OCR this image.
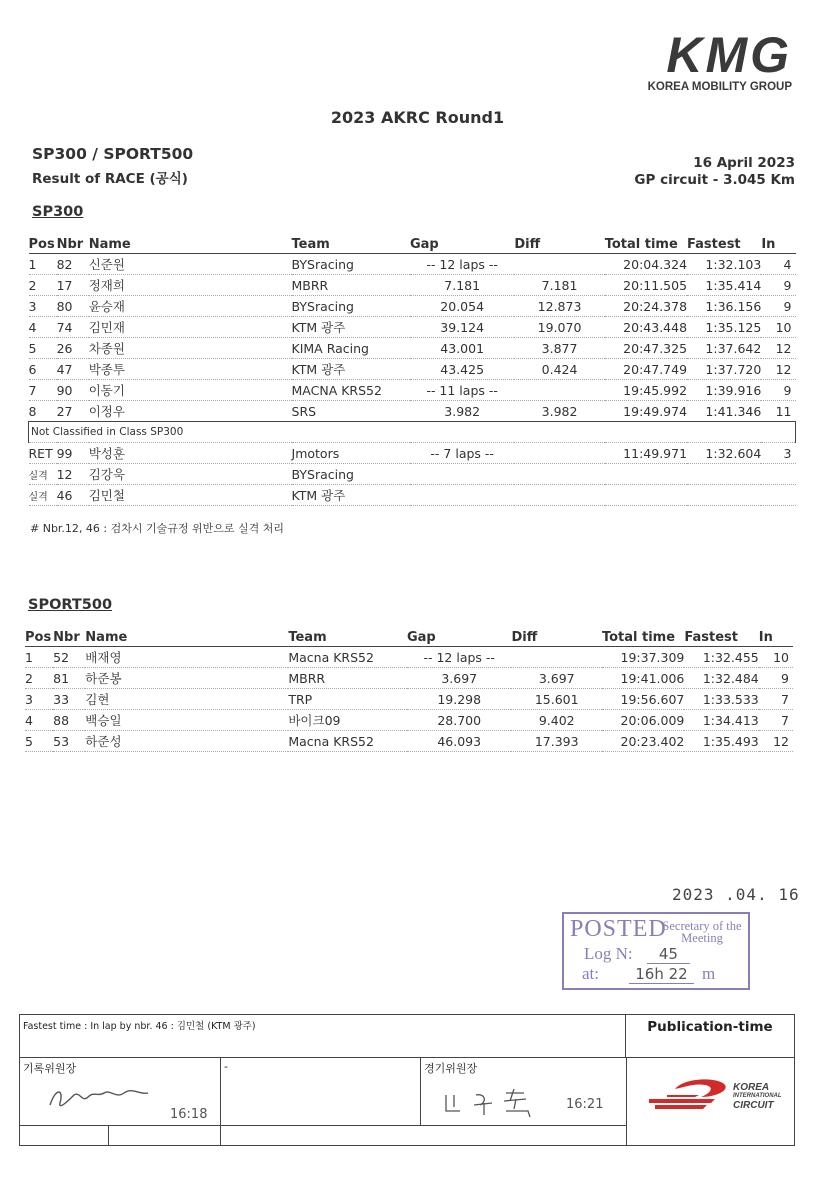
KMG
KOREA MOBILITY GROUP
2023 AKRC Round1
SP300 / SPORT500
Result of RACE (공식)
16 April 2023
GP circuit - 3.045 Km
SP300
Pos	Nbr	Name	Team	Gap	Diff	Total time	Fastest	In
1	82	신준원	BYSracing	-- 12 laps --		20:04.324	1:32.103	4
2	17	정재희	MBRR	7.181	7.181	20:11.505	1:35.414	9
3	80	윤승재	BYSracing	20.054	12.873	20:24.378	1:36.156	9
4	74	김민재	KTM 광주	39.124	19.070	20:43.448	1:35.125	10
5	26	차종원	KIMA Racing	43.001	3.877	20:47.325	1:37.642	12
6	47	박종투	KTM 광주	43.425	0.424	20:47.749	1:37.720	12
7	90	이동기	MACNA KRS52	-- 11 laps --		19:45.992	1:39.916	9
8	27	이정우	SRS	3.982	3.982	19:49.974	1:41.346	11
Not Classified in Class SP300								
RET	99	박성훈	Jmotors	-- 7 laps --		11:49.971	1:32.604	3
실격	12	김강욱	BYSracing					
실격	46	김민철	KTM 광주					
# Nbr.12, 46 : 검차시 기술규정 위반으로 실격 처리
SPORT500
Pos	Nbr	Name	Team	Gap	Diff	Total time	Fastest	In
1	52	배재영	Macna KRS52	-- 12 laps --		19:37.309	1:32.455	10
2	81	하준봉	MBRR	3.697	3.697	19:41.006	1:32.484	9
3	33	김현	TRP	19.298	15.601	19:56.607	1:33.533	7
4	88	백승일	바이크09	28.700	9.402	20:06.009	1:34.413	7
5	53	하준성	Macna KRS52	46.093	17.393	20:23.402	1:35.493	12
2023 .04. 16
POSTED
Secretary of the Meeting
Log N: 45
at: 16h 22 m
Fastest time : In lap by nbr. 46 : 김민철 (KTM 광주)	Publication-time
기록위원장
16:18
-	경기위원장
16:21
KOREA
INTERNATIONAL
CIRCUIT
